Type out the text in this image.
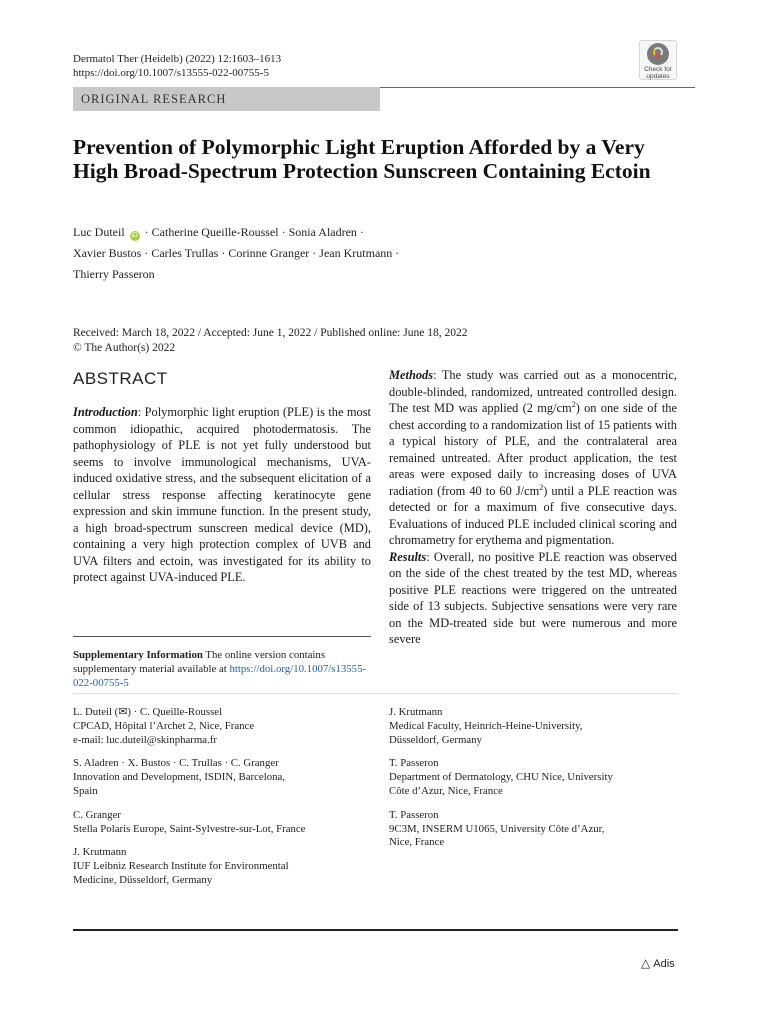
Dermatol Ther (Heidelb) (2022) 12:1603–1613
https://doi.org/10.1007/s13555-022-00755-5	Check for
updates
ORIGINAL RESEARCH
Prevention of Polymorphic Light Eruption Afforded by a Very High Broad-Spectrum Protection Sunscreen Containing Ectoin
Luc Duteil iD · Catherine Queille-Roussel · Sonia Aladren ·
Xavier Bustos · Carles Trullas · Corinne Granger · Jean Krutmann ·
Thierry Passeron
Received: March 18, 2022 / Accepted: June 1, 2022 / Published online: June 18, 2022
© The Author(s) 2022
ABSTRACT

Introduction: Polymorphic light eruption (PLE) is the most common idiopathic, acquired photodermatosis. The pathophysiology of PLE is not yet fully understood but seems to involve immunological mechanisms, UVA-induced oxidative stress, and the subsequent elicitation of a cellular stress response affecting keratinocyte gene expression and skin immune function. In the present study, a high broad-spectrum sunscreen medical device (MD), containing a very high protection complex of UVB and UVA filters and ectoin, was investigated for its ability to protect against UVA-induced PLE.

Methods: The study was carried out as a monocentric, double-blinded, randomized, untreated controlled design. The test MD was applied (2 $mg/cm^2$) on one side of the chest according to a randomization list of 15 patients with a typical history of PLE, and the contralateral area remained untreated. After product application, the test areas were exposed daily to increasing doses of UVA radiation (from 40 to 60 $J/cm^2$) until a PLE reaction was detected or for a maximum of five consecutive days. Evaluations of induced PLE included clinical scoring and chromametry for erythema and pigmentation.

Results: Overall, no positive PLE reaction was observed on the side of the chest treated by the test MD, whereas positive PLE reactions were triggered on the untreated side of 13 subjects. Subjective sensations were very rare on the MD-treated side but were numerous and more severe

Supplementary Information The online version contains supplementary material available at https://doi.org/10.1007/s13555-022-00755-5
L. Duteil (✉) · C. Queille-Roussel
CPCAD, Hôpital l’Archet 2, Nice, France
e-mail: luc.duteil@skinpharma.fr
S. Aladren · X. Bustos · C. Trullas · C. Granger
Innovation and Development, ISDIN, Barcelona,
Spain
C. Granger
Stella Polaris Europe, Saint-Sylvestre-sur-Lot, France
J. Krutmann
IUF Leibniz Research Institute for Environmental
Medicine, Düsseldorf, Germany
J. Krutmann
Medical Faculty, Heinrich-Heine-University,
Düsseldorf, Germany
T. Passeron
Department of Dermatology, CHU Nice, University
Côte d’Azur, Nice, France
T. Passeron
9C3M, INSERM U1065, University Côte d’Azur,
Nice, France
△ Adis
